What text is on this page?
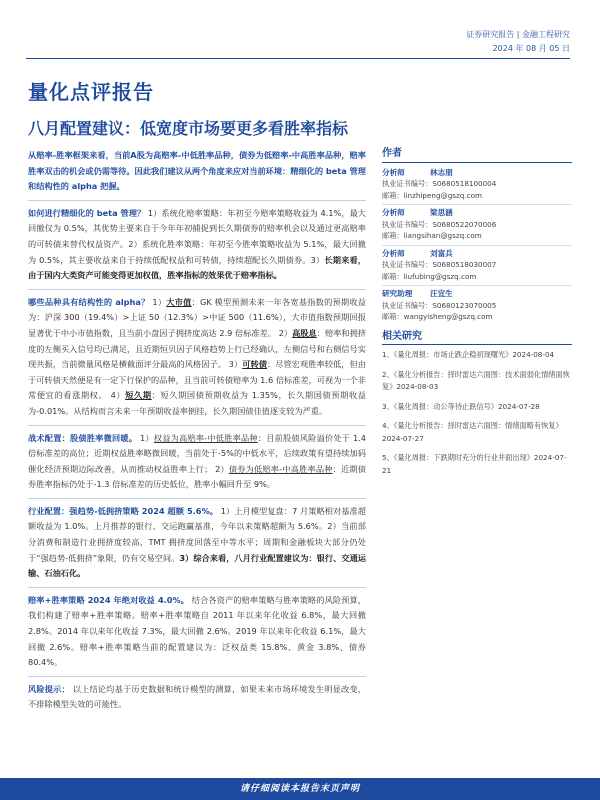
证券研究报告 | 金融工程研究
2024 年 08 月 05 日
量化点评报告
八月配置建议：低宽度市场要更多看胜率指标

从赔率-胜率框架来看，当前A股为高赔率-中低胜率品种，债券为低赔率-中高胜率品种，赔率胜率双击的机会或仍需等待。因此我们建议从两个角度来应对当前环境：精细化的 beta 管理和结构性的 alpha 把握。

如何进行精细化的 beta 管理？ 1）系统化赔率策略：年初至今赔率策略收益为 4.1%，最大回撤仅为 0.5%，其优势主要来自于今年年初捕捉到长久期债券的赔率机会以及通过更高赔率的可转债来替代权益资产。2）系统化胜率策略：年初至今胜率策略收益为 5.1%，最大回撤为 0.5%，其主要收益来自于持续低配权益和可转债，持续超配长久期债券。3）长期来看，由于国内大类资产可能变得更加权值，胜率指标的效果优于赔率指标。

哪些品种具有结构性的 alpha？ 1）大市值：GK 模型预测未来一年各宽基指数的预期收益为：沪深 300（19.4%）>上证 50（12.3%）>中证 500（11.6%），大市值指数预期回报显著优于中小市值指数，且当前小盘因子拥挤度高达 2.9 倍标准差。 2）高股息：赔率和拥挤度的左侧买入信号均已满足，且近期恒贝因子风格趋势上行已经确认，左侧信号和右侧信号实现共振，当前微量风格是横截面评分最高的风格因子。 3）可转债：尽管宏观胜率较低，但由于可转债天然便是有一定下行保护的品种，且当前可转债赔率为 1.6 倍标准差，可视为一个非常便宜的看涨期权。 4）短久期：短久期国债预期收益为 1.35%，长久期国债预期收益为-0.01%。从结构而言未来一年预期收益率倒挂，长久期国债佳值逐支较为严重。

战术配置：股债胜率微回暖。 1）权益为高赔率-中低胜率品种：目前股债风险溢价处于 1.4 倍标准差的高位；近期权益胜率略微回暖，当前处于-5%的中低水平，后续政策有望持续加码催化经济预期边际改善，从而推动权益胜率上行； 2）债券为低赔率-中高胜率品种：近期债券胜率指标仍处于-1.3 倍标准差的历史低位，胜率小幅回升至 9%。

行业配置：强趋势-低拥挤策略 2024 超额 5.6%。 1）上月模型复盘：7 月策略相对基准超额收益为 1.0%。上月推荐的银行、交运跑赢基准，今年以来策略超额为 5.6%。2）当前部分消费和制造行业拥挤度较高，TMT 拥挤度回落至中等水平；周期和金融板块大部分仍处于“强趋势-低拥挤”象限，仍有交易空间。3）综合来看，八月行业配置建议为：银行、交通运输、石油石化。

赔率+胜率策略 2024 年绝对收益 4.0%。 结合各资产的赔率策略与胜率策略的风险预算，我们构建了赔率+胜率策略。赔率+胜率策略自 2011 年以来年化收益 6.8%，最大回撤 2.8%。2014 年以来年化收益 7.3%，最大回撤 2.6%。2019 年以来年化收益 6.1%，最大回撤 2.6%。赔率+胜率策略当前的配置建议为：泛权益类 15.8%、黄金 3.8%、债券 80.4%。

风险提示： 以上结论均基于历史数据和统计模型的测算，如果未来市场环境发生明显改变，不排除模型失效的可能性。

作者
分析师	林志朋
执业证书编号：S0680518100004
邮箱：linzhipeng@gszq.com
分析师	梁思涵
执业证书编号：S0680522070006
邮箱：liangsihan@gszq.com
分析师	刘富兵
执业证书编号：S0680518030007
邮箱：liufubing@gszq.com
研究助理 汪宜生
执业证书编号：S0680123070005
邮箱：wangyisheng@gszq.com
相关研究
1、《量化周报：市场止跌企稳初现曙光》2024-08-04
2、《量化分析报告：择时雷达六面图：技术面弱化情绪面恢复》2024-08-03
3、《量化周报：动公等待止跌信号》2024-07-28
4、《量化分析报告：择时雷达六面图：情绪面略有恢复》2024-07-27
5、《量化周报：下跌期时充分的行业并面出现》2024-07-21
请仔细阅读本报告末页声明
